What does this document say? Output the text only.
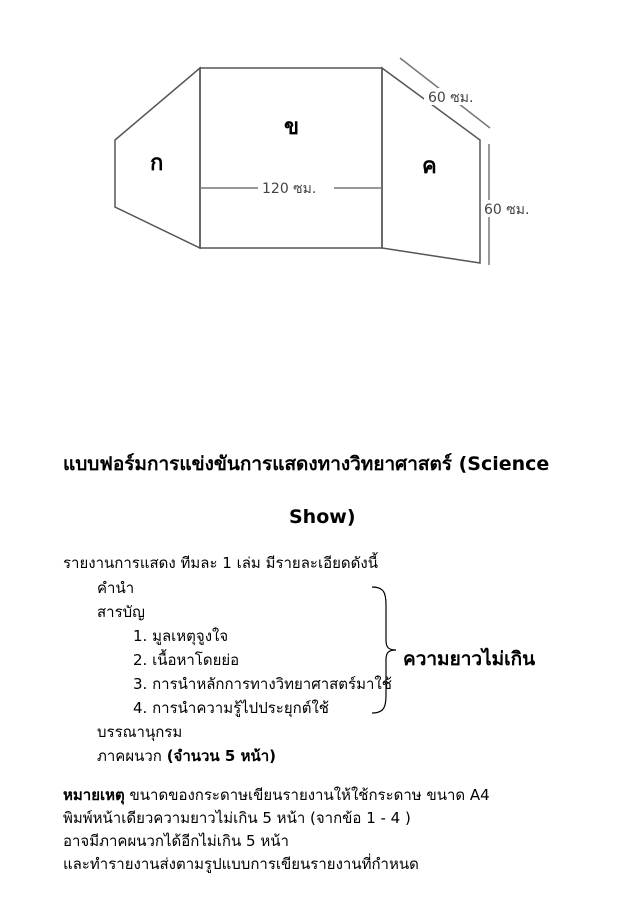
ก
ข
ค
120 ซม.
60 ซม.
60 ซม.
แบบฟอร์มการแข่งขันการแสดงทางวิทยาศาสตร์ (Science
Show)
รายงานการแสดง ทีมละ 1 เล่ม มีรายละเอียดดังนี้
คำนำ
สารบัญ
1. มูลเหตุจูงใจ
2. เนื้อหาโดยย่อ
3. การนำหลักการทางวิทยาศาสตร์มาใช้
4. การนำความรู้ไปประยุกต์ใช้
บรรณานุกรม
ภาคผนวก (จำนวน 5 หน้า)
ความยาวไม่เกิน
หมายเหตุ ขนาดของกระดาษเขียนรายงานให้ใช้กระดาษ ขนาด A4
พิมพ์หน้าเดียวความยาวไม่เกิน 5 หน้า (จากข้อ 1 - 4 )
อาจมีภาคผนวกได้อีกไม่เกิน 5 หน้า
และทำรายงานส่งตามรูปแบบการเขียนรายงานที่กำหนด
